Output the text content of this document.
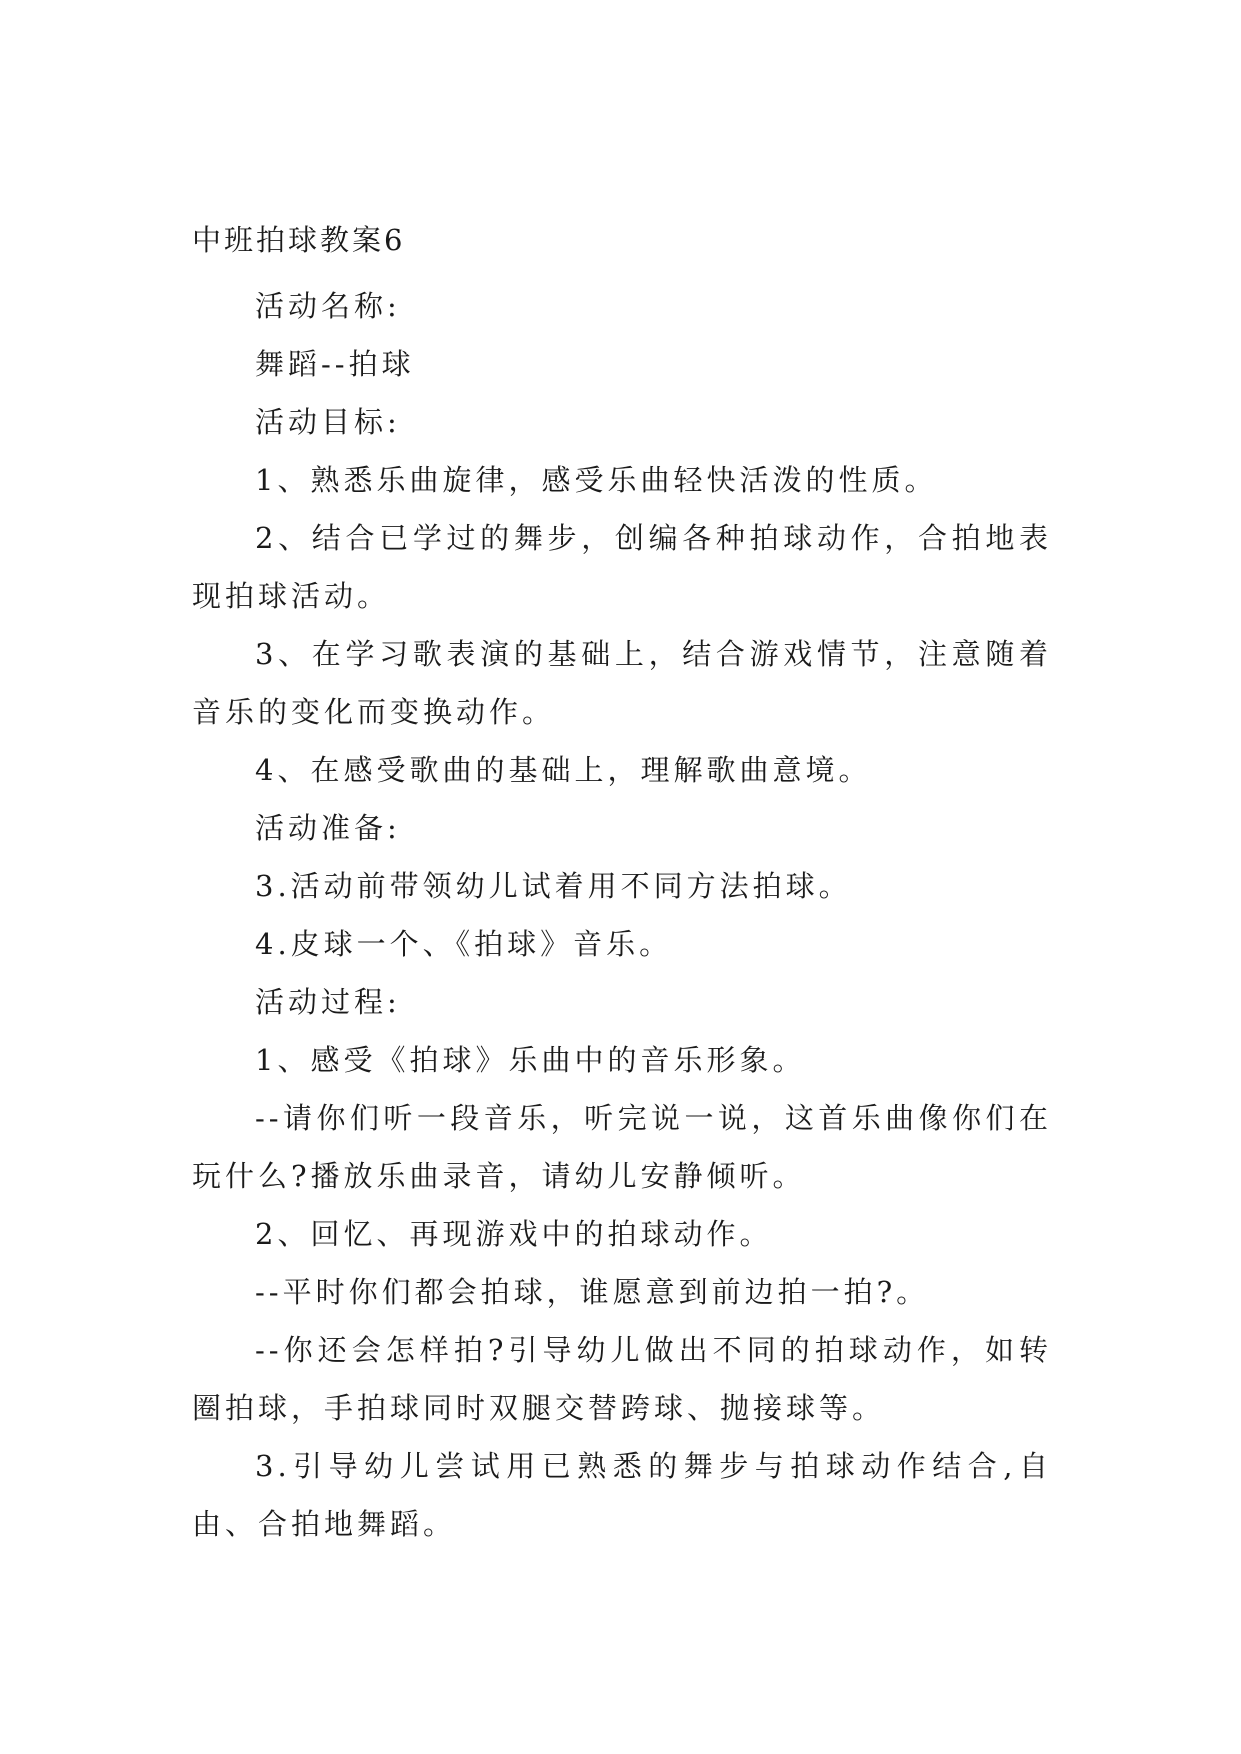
中班拍球教案6

活动名称:

舞蹈--拍球

活动目标:

1、熟悉乐曲旋律，感受乐曲轻快活泼的性质。

2、结合已学过的舞步，创编各种拍球动作，合拍地表现拍球活动。

3、在学习歌表演的基础上，结合游戏情节，注意随着音乐的变化而变换动作。

4、在感受歌曲的基础上，理解歌曲意境。

活动准备:

3.活动前带领幼儿试着用不同方法拍球。

4.皮球一个、《拍球》音乐。

活动过程:

1、感受《拍球》乐曲中的音乐形象。

--请你们听一段音乐，听完说一说，这首乐曲像你们在玩什么?播放乐曲录音，请幼儿安静倾听。

2、回忆、再现游戏中的拍球动作。

--平时你们都会拍球，谁愿意到前边拍一拍?。

--你还会怎样拍?引导幼儿做出不同的拍球动作，如转圈拍球，手拍球同时双腿交替跨球、抛接球等。

3.引导幼儿尝试用已熟悉的舞步与拍球动作结合,自由、合拍地舞蹈。
